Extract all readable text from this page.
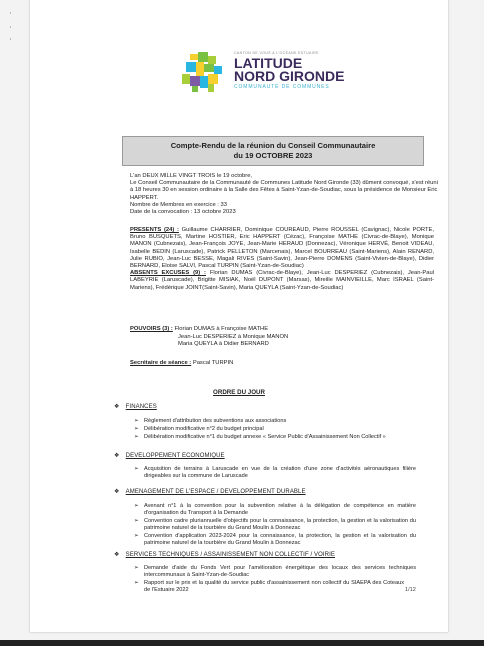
CANTON DE VOUS A L'OCÉANE ESTUAIRE
LATITUDE
NORD GIRONDE
COMMUNAUTÉ DE COMMUNES
Compte-Rendu de la réunion du Conseil Communautaire
du 19 OCTOBRE 2023
L'an DEUX MILLE VINGT TROIS le 19 octobre,
Le Conseil Communautaire de la Communauté de Communes Latitude Nord Gironde (33) dûment convoqué, s'est réuni
à 18 heures 30 en session ordinaire à la Salle des Fêtes à Saint-Yzan-de-Soudiac, sous la présidence de Monsieur Eric
HAPPERT.
Nombre de Membres en exercice : 33
Date de la convocation : 13 octobre 2023

PRESENTS (24) : Guillaume CHARRIER, Dominique COUREAUD, Pierre ROUSSEL (Cavignac), Nicole PORTE, Bruno BUSQUETS, Martine HOSTIER, Eric HAPPERT (Cézac), Françoise MATHE (Civrac-de-Blaye), Monique MANON (Cubnezais), Jean-François JOYE, Jean-Marie HERAUD (Donnezac), Véronique HERVÉ, Benoit VIDEAU, Isabelle BEDIN (Laruscade), Patrick PELLETON (Marcenais), Marcel BOURREAU (Saint-Mariens), Alain RENARD, Julie RUBIO, Jean-Luc BESSE, Magali RIVES (Saint-Savin), Jean-Pierre DOMENS (Saint-Vivien-de-Blaye), Didier BERNARD, Eloise SALVI, Pascal TURPIN (Saint-Yzan-de-Soudiac)

ABSENTS EXCUSES (9) : Florian DUMAS (Civrac-de-Blaye), Jean-Luc DESPERIEZ (Cubnezais), Jean-Paul LABEYRIE (Laruscade), Brigitte MISIAK, Noël DUPONT (Marsas), Mireille MAINVIEILLE, Marc ISRAEL (Saint-Mariens), Frédérique JOINT(Saint-Savin), Maria QUEYLA (Saint-Yzan-de-Soudiac)

POUVOIRS (3) : Florian DUMAS à Françoise MATHE
Jean-Luc DESPERIEZ à Monique MANON
Maria QUEYLA à Didier BERNARD
Secrétaire de séance : Pascal TURPIN
ORDRE DU JOUR
❖ FINANCES
➢ Règlement d'attribution des subventions aux associations
➢ Délibération modificative n°2 du budget principal
➢ Délibération modificative n°1 du budget annexe « Service Public d'Assainissement Non Collectif »
❖ DEVELOPPEMENT ECONOMIQUE
➢ Acquisition de terrains à Laruscade en vue de la création d'une zone d'activités aéronautiques filière dirigeables sur la commune de Laruscade
❖ AMENAGEMENT DE L'ESPACE / DEVELOPPEMENT DURABLE
➢ Avenant n°1 à la convention pour la subvention relative à la délégation de compétence en matière d'organisation du Transport à la Demande
➢ Convention cadre pluriannuelle d'objectifs pour la connaissance, la protection, la gestion et la valorisation du patrimoine naturel de la tourbière du Grand Moulin à Donnezac
➢ Convention d'application 2023-2024 pour la connaissance, la protection, la gestion et la valorisation du patrimoine naturel de la tourbière du Grand Moulin à Donnezac
❖ SERVICES TECHNIQUES / ASSAINISSEMENT NON COLLECTIF / VOIRIE
➢ Demande d'aide du Fonds Vert pour l'amélioration énergétique des locaux des services techniques intercommunaux à Saint-Yzan-de-Soudiac
➢ Rapport sur le prix et la qualité du service public d'assainissement non collectif du SIAEPA des Coteaux de l'Estuaire 2022	1/12
